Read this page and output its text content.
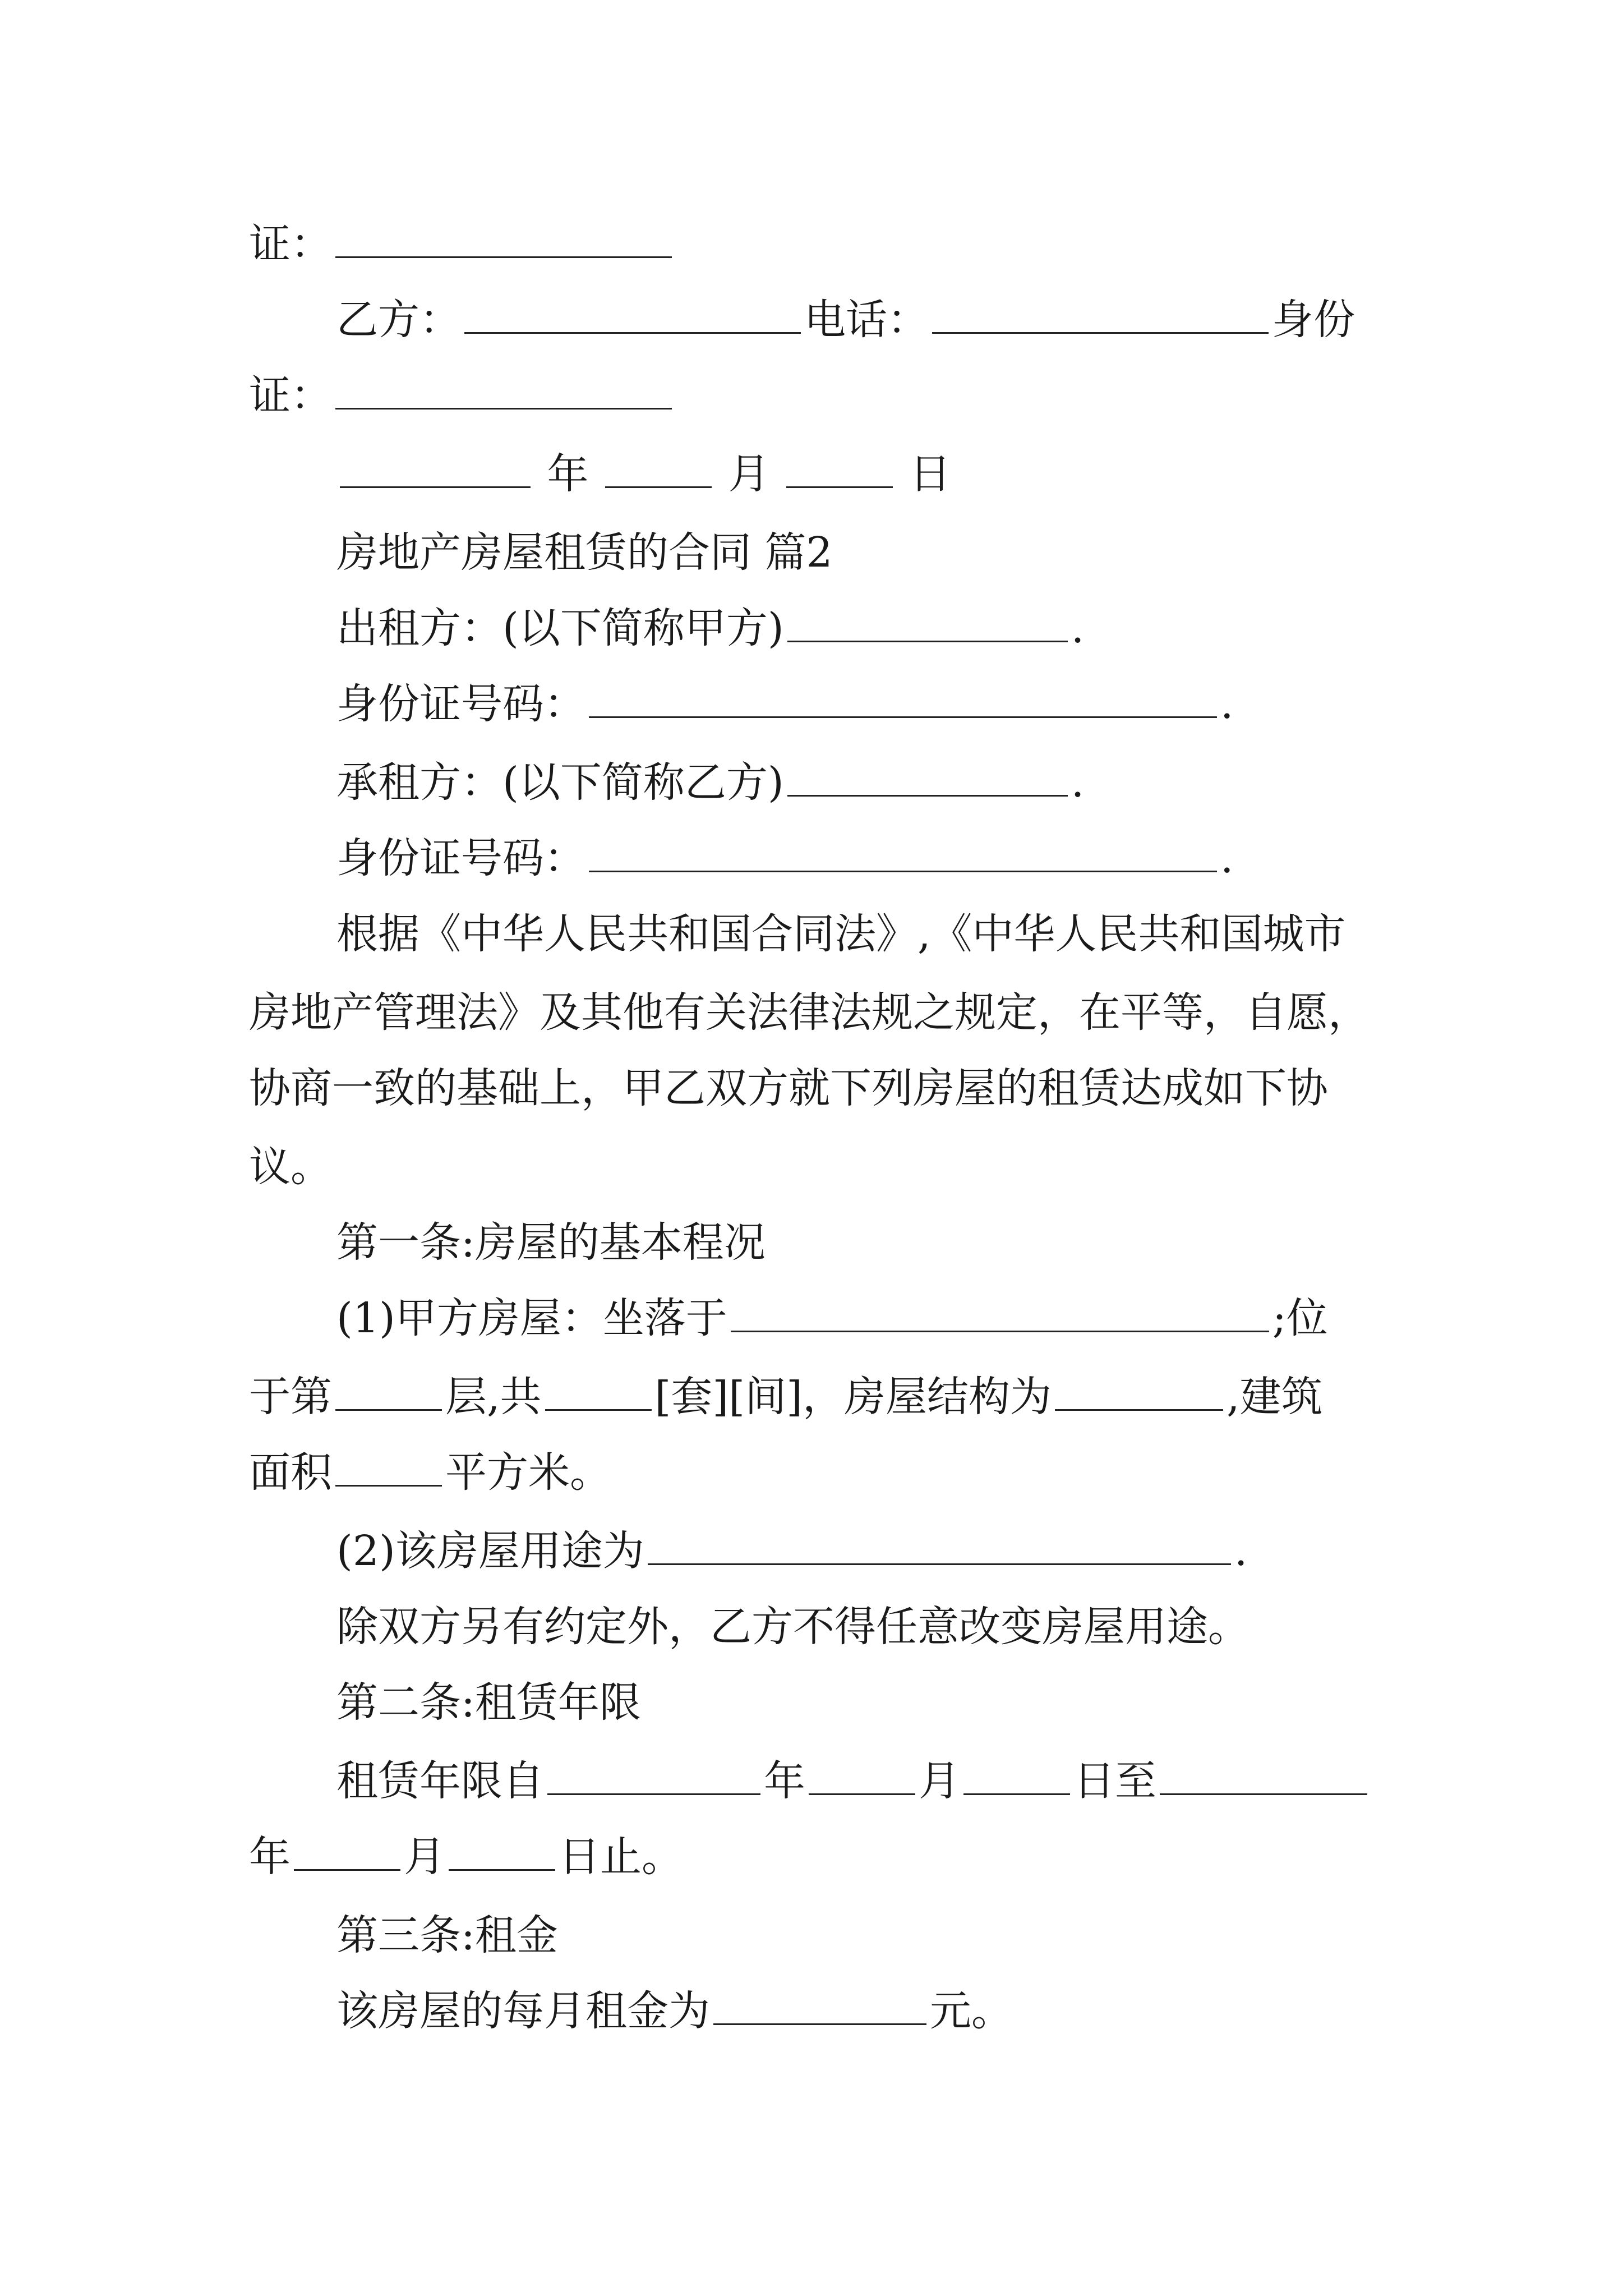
证：
乙方：	电话：	身份
证：
年	月	日
房地产房屋租赁的合同 篇2
出租方：(以下简称甲方)	.
身份证号码：	.
承租方：(以下简称乙方)	.
身份证号码：	.
根据《中华人民共和国合同法》,《中华人民共和国城市
房地产管理法》及其他有关法律法规之规定，在平等，自愿，
协商一致的基础上，甲乙双方就下列房屋的租赁达成如下协
议。
第一条:房屋的基本程况
(1)甲方房屋：坐落于	;位
于第	层,共	[套][间]，房屋结构为	,建筑
面积	平方米。
(2)该房屋用途为	.
除双方另有约定外，乙方不得任意改变房屋用途。
第二条:租赁年限
租赁年限自	年	月	日至
年	月	日止。
第三条:租金
该房屋的每月租金为	元。
